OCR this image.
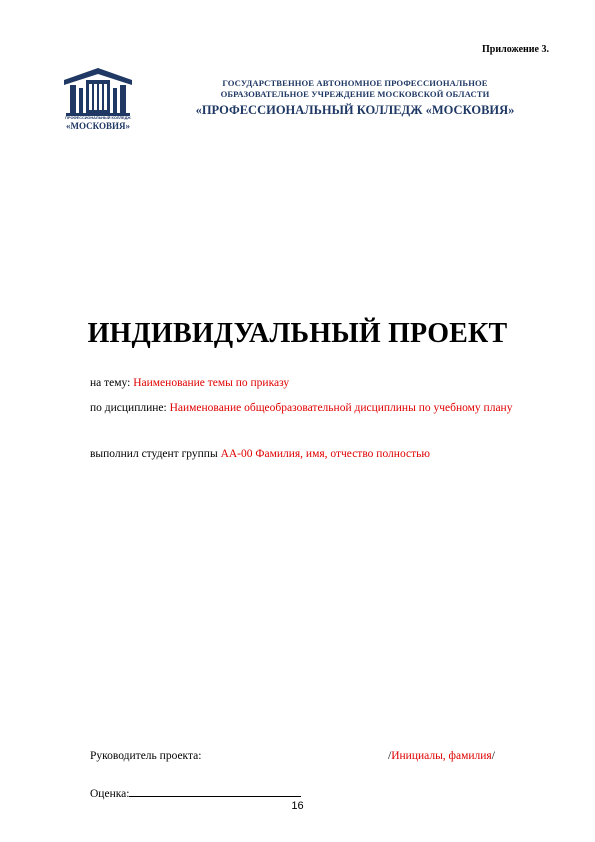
Приложение 3.
ПРОФЕССИОНАЛЬНЫЙ КОЛЛЕДЖ
«МОСКОВИЯ»
ГОСУДАРСТВЕННОЕ АВТОНОМНОЕ ПРОФЕССИОНАЛЬНОЕ
ОБРАЗОВАТЕЛЬНОЕ УЧРЕЖДЕНИЕ МОСКОВСКОЙ ОБЛАСТИ
«ПРОФЕССИОНАЛЬНЫЙ КОЛЛЕДЖ «МОСКОВИЯ»
ИНДИВИДУАЛЬНЫЙ ПРОЕКТ
на тему: Наименование темы по приказу
по дисциплине: Наименование общеобразовательной дисциплины по учебному плану
выполнил студент группы АА-00 Фамилия, имя, отчество полностью
Руководитель проекта:	/Инициалы, фамилия/
Оценка:
16
